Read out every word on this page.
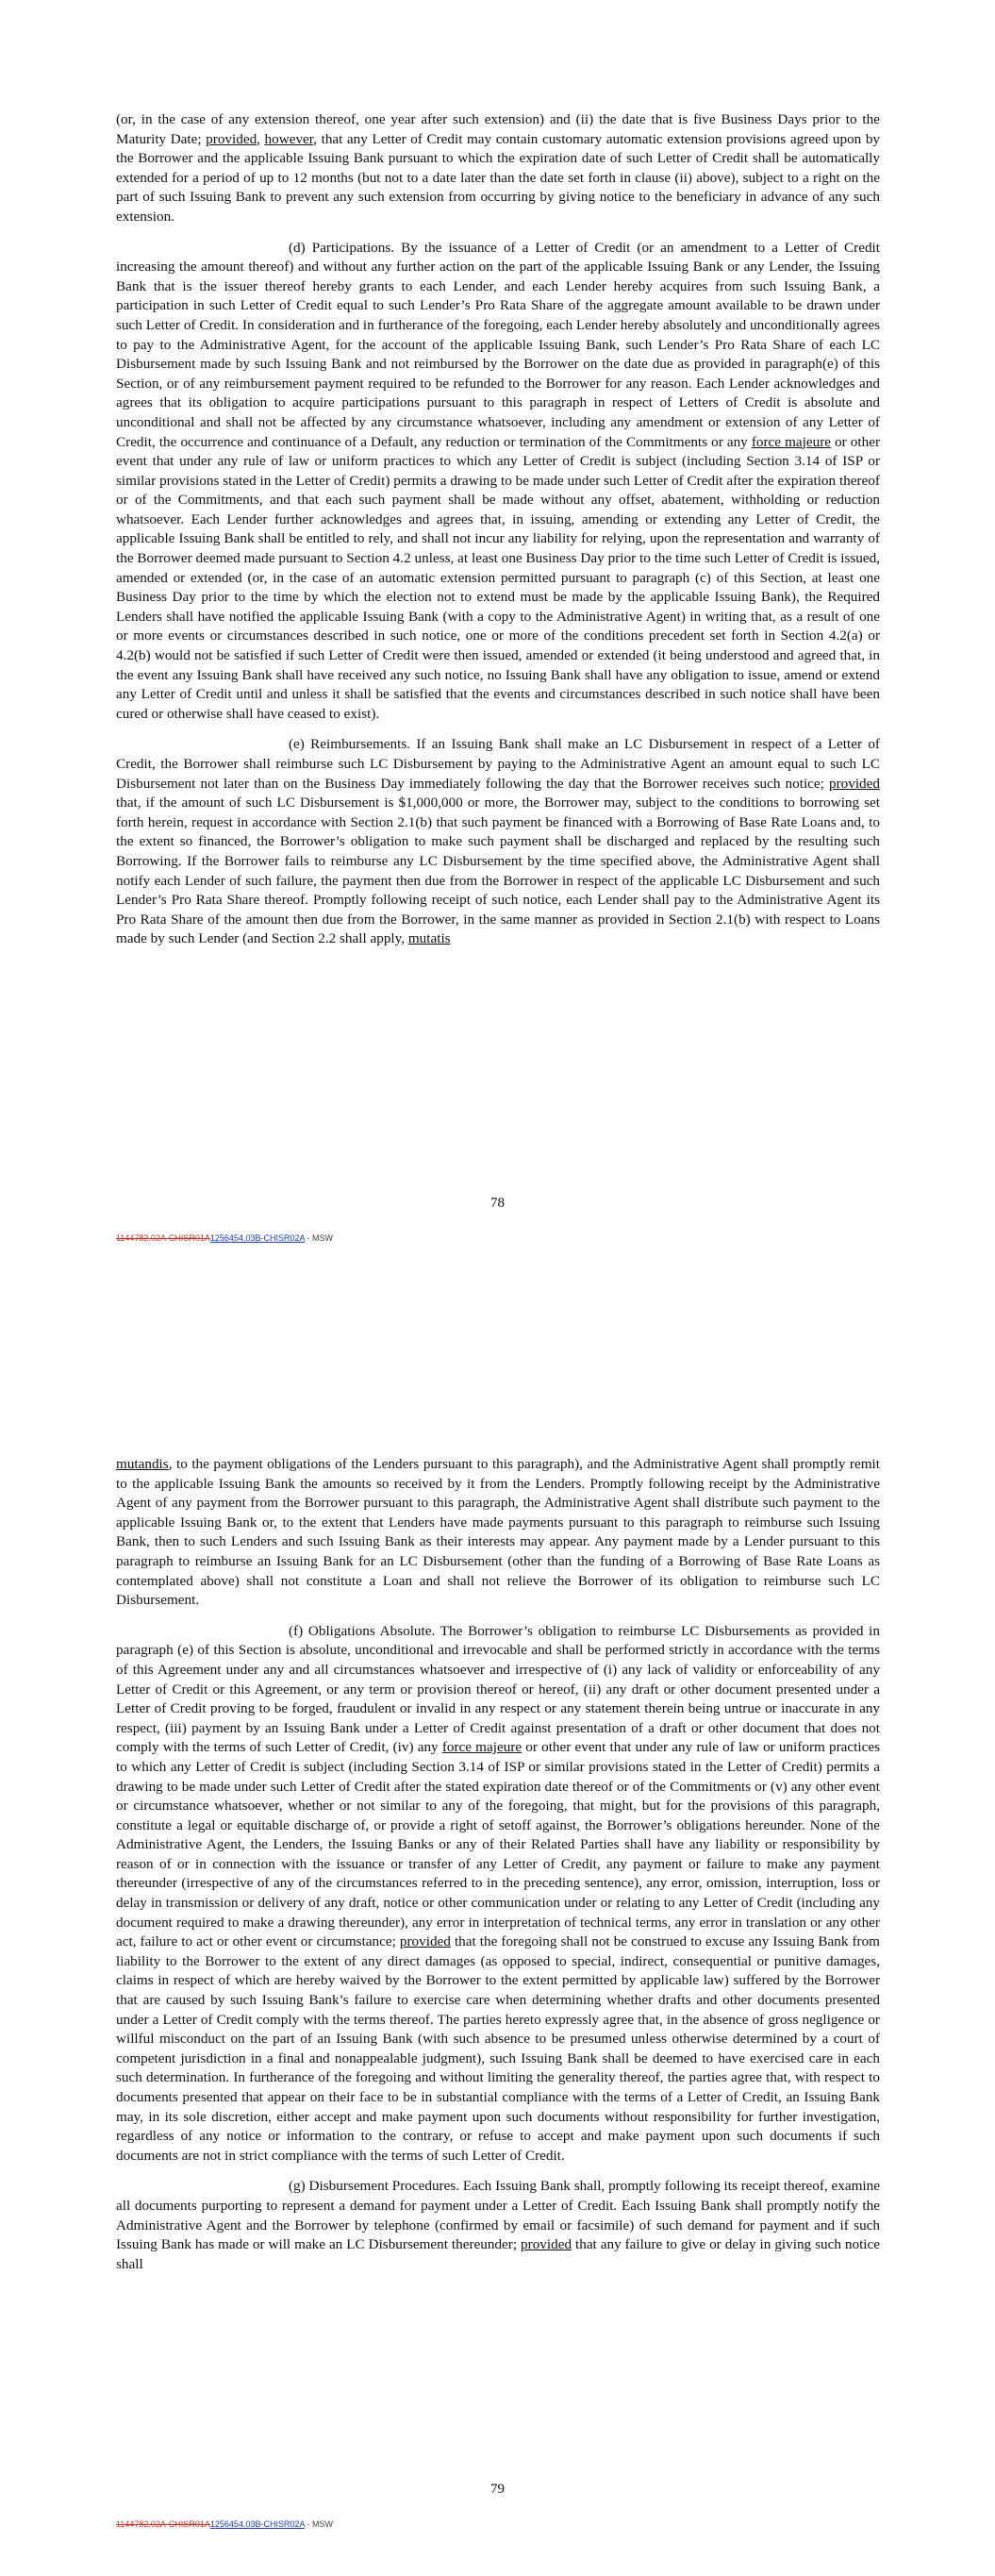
(or, in the case of any extension thereof, one year after such extension) and (ii) the date that is five Business Days prior to the Maturity Date; provided, however, that any Letter of Credit may contain customary automatic extension provisions agreed upon by the Borrower and the applicable Issuing Bank pursuant to which the expiration date of such Letter of Credit shall be automatically extended for a period of up to 12 months (but not to a date later than the date set forth in clause (ii) above), subject to a right on the part of such Issuing Bank to prevent any such extension from occurring by giving notice to the beneficiary in advance of any such extension.

(d) Participations. By the issuance of a Letter of Credit (or an amendment to a Letter of Credit increasing the amount thereof) and without any further action on the part of the applicable Issuing Bank or any Lender, the Issuing Bank that is the issuer thereof hereby grants to each Lender, and each Lender hereby acquires from such Issuing Bank, a participation in such Letter of Credit equal to such Lender’s Pro Rata Share of the aggregate amount available to be drawn under such Letter of Credit. In consideration and in furtherance of the foregoing, each Lender hereby absolutely and unconditionally agrees to pay to the Administrative Agent, for the account of the applicable Issuing Bank, such Lender’s Pro Rata Share of each LC Disbursement made by such Issuing Bank and not reimbursed by the Borrower on the date due as provided in paragraph(e) of this Section, or of any reimbursement payment required to be refunded to the Borrower for any reason. Each Lender acknowledges and agrees that its obligation to acquire participations pursuant to this paragraph in respect of Letters of Credit is absolute and unconditional and shall not be affected by any circumstance whatsoever, including any amendment or extension of any Letter of Credit, the occurrence and continuance of a Default, any reduction or termination of the Commitments or any force majeure or other event that under any rule of law or uniform practices to which any Letter of Credit is subject (including Section 3.14 of ISP or similar provisions stated in the Letter of Credit) permits a drawing to be made under such Letter of Credit after the expiration thereof or of the Commitments, and that each such payment shall be made without any offset, abatement, withholding or reduction whatsoever. Each Lender further acknowledges and agrees that, in issuing, amending or extending any Letter of Credit, the applicable Issuing Bank shall be entitled to rely, and shall not incur any liability for relying, upon the representation and warranty of the Borrower deemed made pursuant to Section 4.2 unless, at least one Business Day prior to the time such Letter of Credit is issued, amended or extended (or, in the case of an automatic extension permitted pursuant to paragraph (c) of this Section, at least one Business Day prior to the time by which the election not to extend must be made by the applicable Issuing Bank), the Required Lenders shall have notified the applicable Issuing Bank (with a copy to the Administrative Agent) in writing that, as a result of one or more events or circumstances described in such notice, one or more of the conditions precedent set forth in Section 4.2(a) or 4.2(b) would not be satisfied if such Letter of Credit were then issued, amended or extended (it being understood and agreed that, in the event any Issuing Bank shall have received any such notice, no Issuing Bank shall have any obligation to issue, amend or extend any Letter of Credit until and unless it shall be satisfied that the events and circumstances described in such notice shall have been cured or otherwise shall have ceased to exist).

(e) Reimbursements. If an Issuing Bank shall make an LC Disbursement in respect of a Letter of Credit, the Borrower shall reimburse such LC Disbursement by paying to the Administrative Agent an amount equal to such LC Disbursement not later than on the Business Day immediately following the day that the Borrower receives such notice; provided that, if the amount of such LC Disbursement is $1,000,000 or more, the Borrower may, subject to the conditions to borrowing set forth herein, request in accordance with Section 2.1(b) that such payment be financed with a Borrowing of Base Rate Loans and, to the extent so financed, the Borrower’s obligation to make such payment shall be discharged and replaced by the resulting such Borrowing. If the Borrower fails to reimburse any LC Disbursement by the time specified above, the Administrative Agent shall notify each Lender of such failure, the payment then due from the Borrower in respect of the applicable LC Disbursement and such Lender’s Pro Rata Share thereof. Promptly following receipt of such notice, each Lender shall pay to the Administrative Agent its Pro Rata Share of the amount then due from the Borrower, in the same manner as provided in Section 2.1(b) with respect to Loans made by such Lender (and Section 2.2 shall apply, mutatis

78
1144782.02A-CHISR01A1256454.03B-CHISR02A - MSW

mutandis, to the payment obligations of the Lenders pursuant to this paragraph), and the Administrative Agent shall promptly remit to the applicable Issuing Bank the amounts so received by it from the Lenders. Promptly following receipt by the Administrative Agent of any payment from the Borrower pursuant to this paragraph, the Administrative Agent shall distribute such payment to the applicable Issuing Bank or, to the extent that Lenders have made payments pursuant to this paragraph to reimburse such Issuing Bank, then to such Lenders and such Issuing Bank as their interests may appear. Any payment made by a Lender pursuant to this paragraph to reimburse an Issuing Bank for an LC Disbursement (other than the funding of a Borrowing of Base Rate Loans as contemplated above) shall not constitute a Loan and shall not relieve the Borrower of its obligation to reimburse such LC Disbursement.

(f) Obligations Absolute. The Borrower’s obligation to reimburse LC Disbursements as provided in paragraph (e) of this Section is absolute, unconditional and irrevocable and shall be performed strictly in accordance with the terms of this Agreement under any and all circumstances whatsoever and irrespective of (i) any lack of validity or enforceability of any Letter of Credit or this Agreement, or any term or provision thereof or hereof, (ii) any draft or other document presented under a Letter of Credit proving to be forged, fraudulent or invalid in any respect or any statement therein being untrue or inaccurate in any respect, (iii) payment by an Issuing Bank under a Letter of Credit against presentation of a draft or other document that does not comply with the terms of such Letter of Credit, (iv) any force majeure or other event that under any rule of law or uniform practices to which any Letter of Credit is subject (including Section 3.14 of ISP or similar provisions stated in the Letter of Credit) permits a drawing to be made under such Letter of Credit after the stated expiration date thereof or of the Commitments or (v) any other event or circumstance whatsoever, whether or not similar to any of the foregoing, that might, but for the provisions of this paragraph, constitute a legal or equitable discharge of, or provide a right of setoff against, the Borrower’s obligations hereunder. None of the Administrative Agent, the Lenders, the Issuing Banks or any of their Related Parties shall have any liability or responsibility by reason of or in connection with the issuance or transfer of any Letter of Credit, any payment or failure to make any payment thereunder (irrespective of any of the circumstances referred to in the preceding sentence), any error, omission, interruption, loss or delay in transmission or delivery of any draft, notice or other communication under or relating to any Letter of Credit (including any document required to make a drawing thereunder), any error in interpretation of technical terms, any error in translation or any other act, failure to act or other event or circumstance; provided that the foregoing shall not be construed to excuse any Issuing Bank from liability to the Borrower to the extent of any direct damages (as opposed to special, indirect, consequential or punitive damages, claims in respect of which are hereby waived by the Borrower to the extent permitted by applicable law) suffered by the Borrower that are caused by such Issuing Bank’s failure to exercise care when determining whether drafts and other documents presented under a Letter of Credit comply with the terms thereof. The parties hereto expressly agree that, in the absence of gross negligence or willful misconduct on the part of an Issuing Bank (with such absence to be presumed unless otherwise determined by a court of competent jurisdiction in a final and nonappealable judgment), such Issuing Bank shall be deemed to have exercised care in each such determination. In furtherance of the foregoing and without limiting the generality thereof, the parties agree that, with respect to documents presented that appear on their face to be in substantial compliance with the terms of a Letter of Credit, an Issuing Bank may, in its sole discretion, either accept and make payment upon such documents without responsibility for further investigation, regardless of any notice or information to the contrary, or refuse to accept and make payment upon such documents if such documents are not in strict compliance with the terms of such Letter of Credit.

(g) Disbursement Procedures. Each Issuing Bank shall, promptly following its receipt thereof, examine all documents purporting to represent a demand for payment under a Letter of Credit. Each Issuing Bank shall promptly notify the Administrative Agent and the Borrower by telephone (confirmed by email or facsimile) of such demand for payment and if such Issuing Bank has made or will make an LC Disbursement thereunder; provided that any failure to give or delay in giving such notice shall

79
1144782.02A-CHISR01A1256454.03B-CHISR02A - MSW
